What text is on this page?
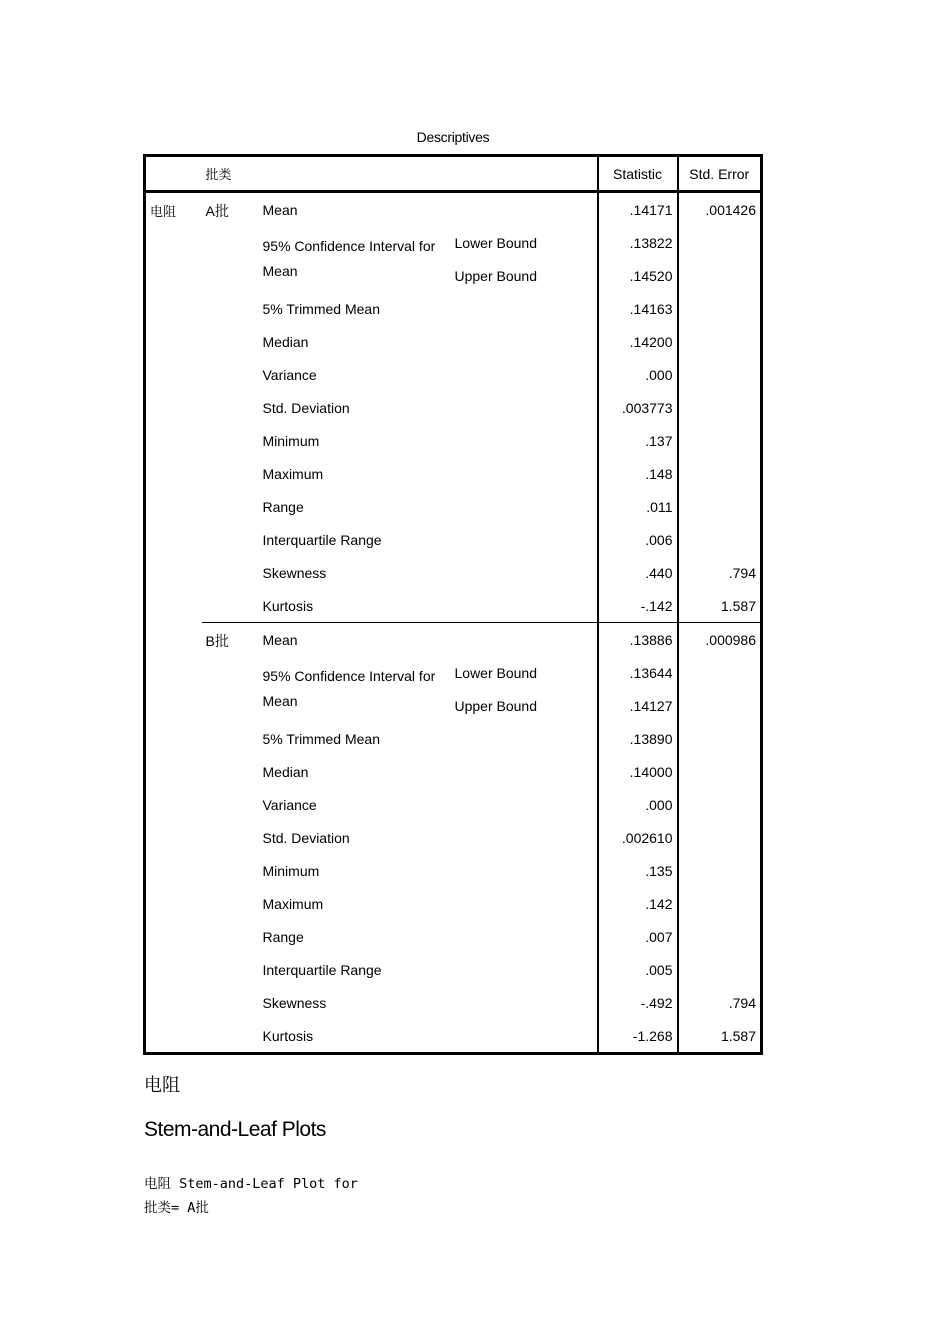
Descriptives
	批类			Statistic	Std. Error
电阻	A批	Mean		.14171	.001426
		95% Confidence Interval for Mean	Lower Bound	.13822	
			Upper Bound	.14520	
		5% Trimmed Mean		.14163	
		Median		.14200	
		Variance		.000	
		Std. Deviation		.003773	
		Minimum		.137	
		Maximum		.148	
		Range		.011	
		Interquartile Range		.006	
		Skewness		.440	.794
		Kurtosis		-.142	1.587
	B批	Mean		.13886	.000986
		95% Confidence Interval for Mean	Lower Bound	.13644	
			Upper Bound	.14127	
		5% Trimmed Mean		.13890	
		Median		.14000	
		Variance		.000	
		Std. Deviation		.002610	
		Minimum		.135	
		Maximum		.142	
		Range		.007	
		Interquartile Range		.005	
		Skewness		-.492	.794
		Kurtosis		-1.268	1.587
电阻
Stem-and-Leaf Plots
电阻 Stem-and-Leaf Plot for
批类= A批
